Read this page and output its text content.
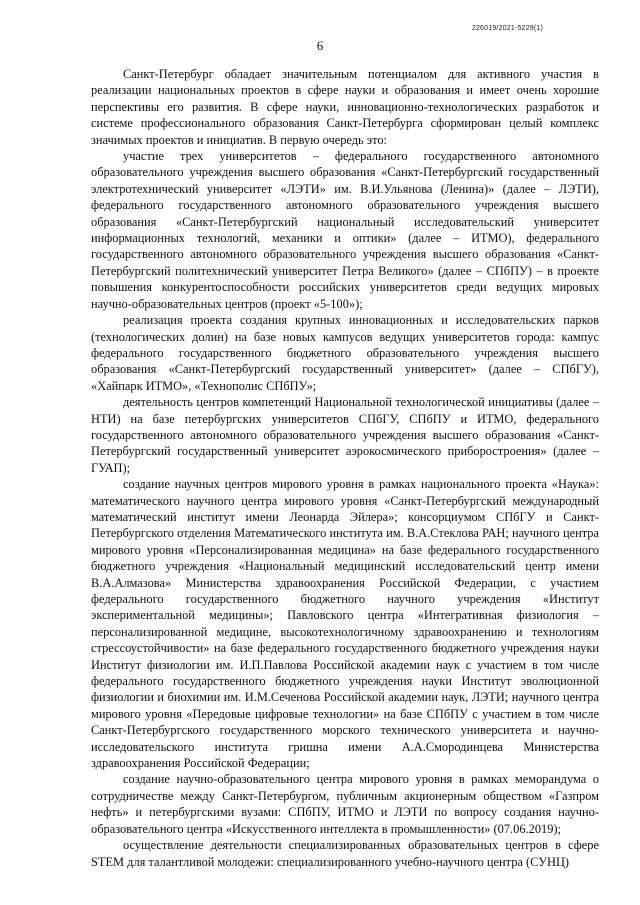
226019/2021-5229(1)
6

Санкт-Петербург обладает значительным потенциалом для активного участия в реализации национальных проектов в сфере науки и образования и имеет очень хорошие перспективы его развития. В сфере науки, инновационно-технологических разработок и системе профессионального образования Санкт-Петербурга сформирован целый комплекс значимых проектов и инициатив. В первую очередь это:

участие трех университетов – федерального государственного автономного образовательного учреждения высшего образования «Санкт-Петербургский государственный электротехнический университет «ЛЭТИ» им. В.И.Ульянова (Ленина)» (далее – ЛЭТИ), федерального государственного автономного образовательного учреждения высшего образования «Санкт-Петербургский национальный исследовательский университет информационных технологий, механики и оптики» (далее – ИТМО), федерального государственного автономного образовательного учреждения высшего образования «Санкт-Петербургский политехнический университет Петра Великого» (далее – СПбПУ) – в проекте повышения конкурентоспособности российских университетов среди ведущих мировых научно-образовательных центров (проект «5-100»);

реализация проекта создания крупных инновационных и исследовательских парков (технологических долин) на базе новых кампусов ведущих университетов города: кампус федерального государственного бюджетного образовательного учреждения высшего образования «Санкт-Петербургский государственный университет» (далее – СПбГУ), «Хайпарк ИТМО», «Технополис СПбПУ»;

деятельность центров компетенций Национальной технологической инициативы (далее – НТИ) на базе петербургских университетов СПбГУ, СПбПУ и ИТМО, федерального государственного автономного образовательного учреждения высшего образования «Санкт-Петербургский государственный университет аэрокосмического приборостроения» (далее – ГУАП);

создание научных центров мирового уровня в рамках национального проекта «Наука»: математического научного центра мирового уровня «Санкт-Петербургский международный математический институт имени Леонарда Эйлера»; консорциумом СПбГУ и Санкт-Петербургского отделения Математического института им. В.А.Стеклова РАН; научного центра мирового уровня «Персонализированная медицина» на базе федерального государственного бюджетного учреждения «Национальный медицинский исследовательский центр имени В.А.Алмазова» Министерства здравоохранения Российской Федерации, с участием федерального государственного бюджетного научного учреждения «Институт экспериментальной медицины»; Павловского центра «Интегративная физиология – персонализированной медицине, высокотехнологичному здравоохранению и технологиям стрессоустойчивости» на базе федерального государственного бюджетного учреждения науки Институт физиологии им. И.П.Павлова Российской академии наук с участием в том числе федерального государственного бюджетного учреждения науки Институт эволюционной физиологии и биохимии им. И.М.Сеченова Российской академии наук, ЛЭТИ; научного центра мирового уровня «Передовые цифровые технологии» на базе СПбПУ с участием в том числе Санкт-Петербургского государственного морского технического университета и научно-исследовательского института гришна имени А.А.Смородинцева Министерства здравоохранения Российской Федерации;

создание научно-образовательного центра мирового уровня в рамках меморандума о сотрудничестве между Санкт-Петербургом, публичным акционерным обществом «Газпром нефть» и петербургскими вузами: СПбПУ, ИТМО и ЛЭТИ по вопросу создания научно-образовательного центра «Искусственного интеллекта в промышленности» (07.06.2019);

осуществление деятельности специализированных образовательных центров в сфере STEM для талантливой молодежи: специализированного учебно-научного центра (СУНЦ)
